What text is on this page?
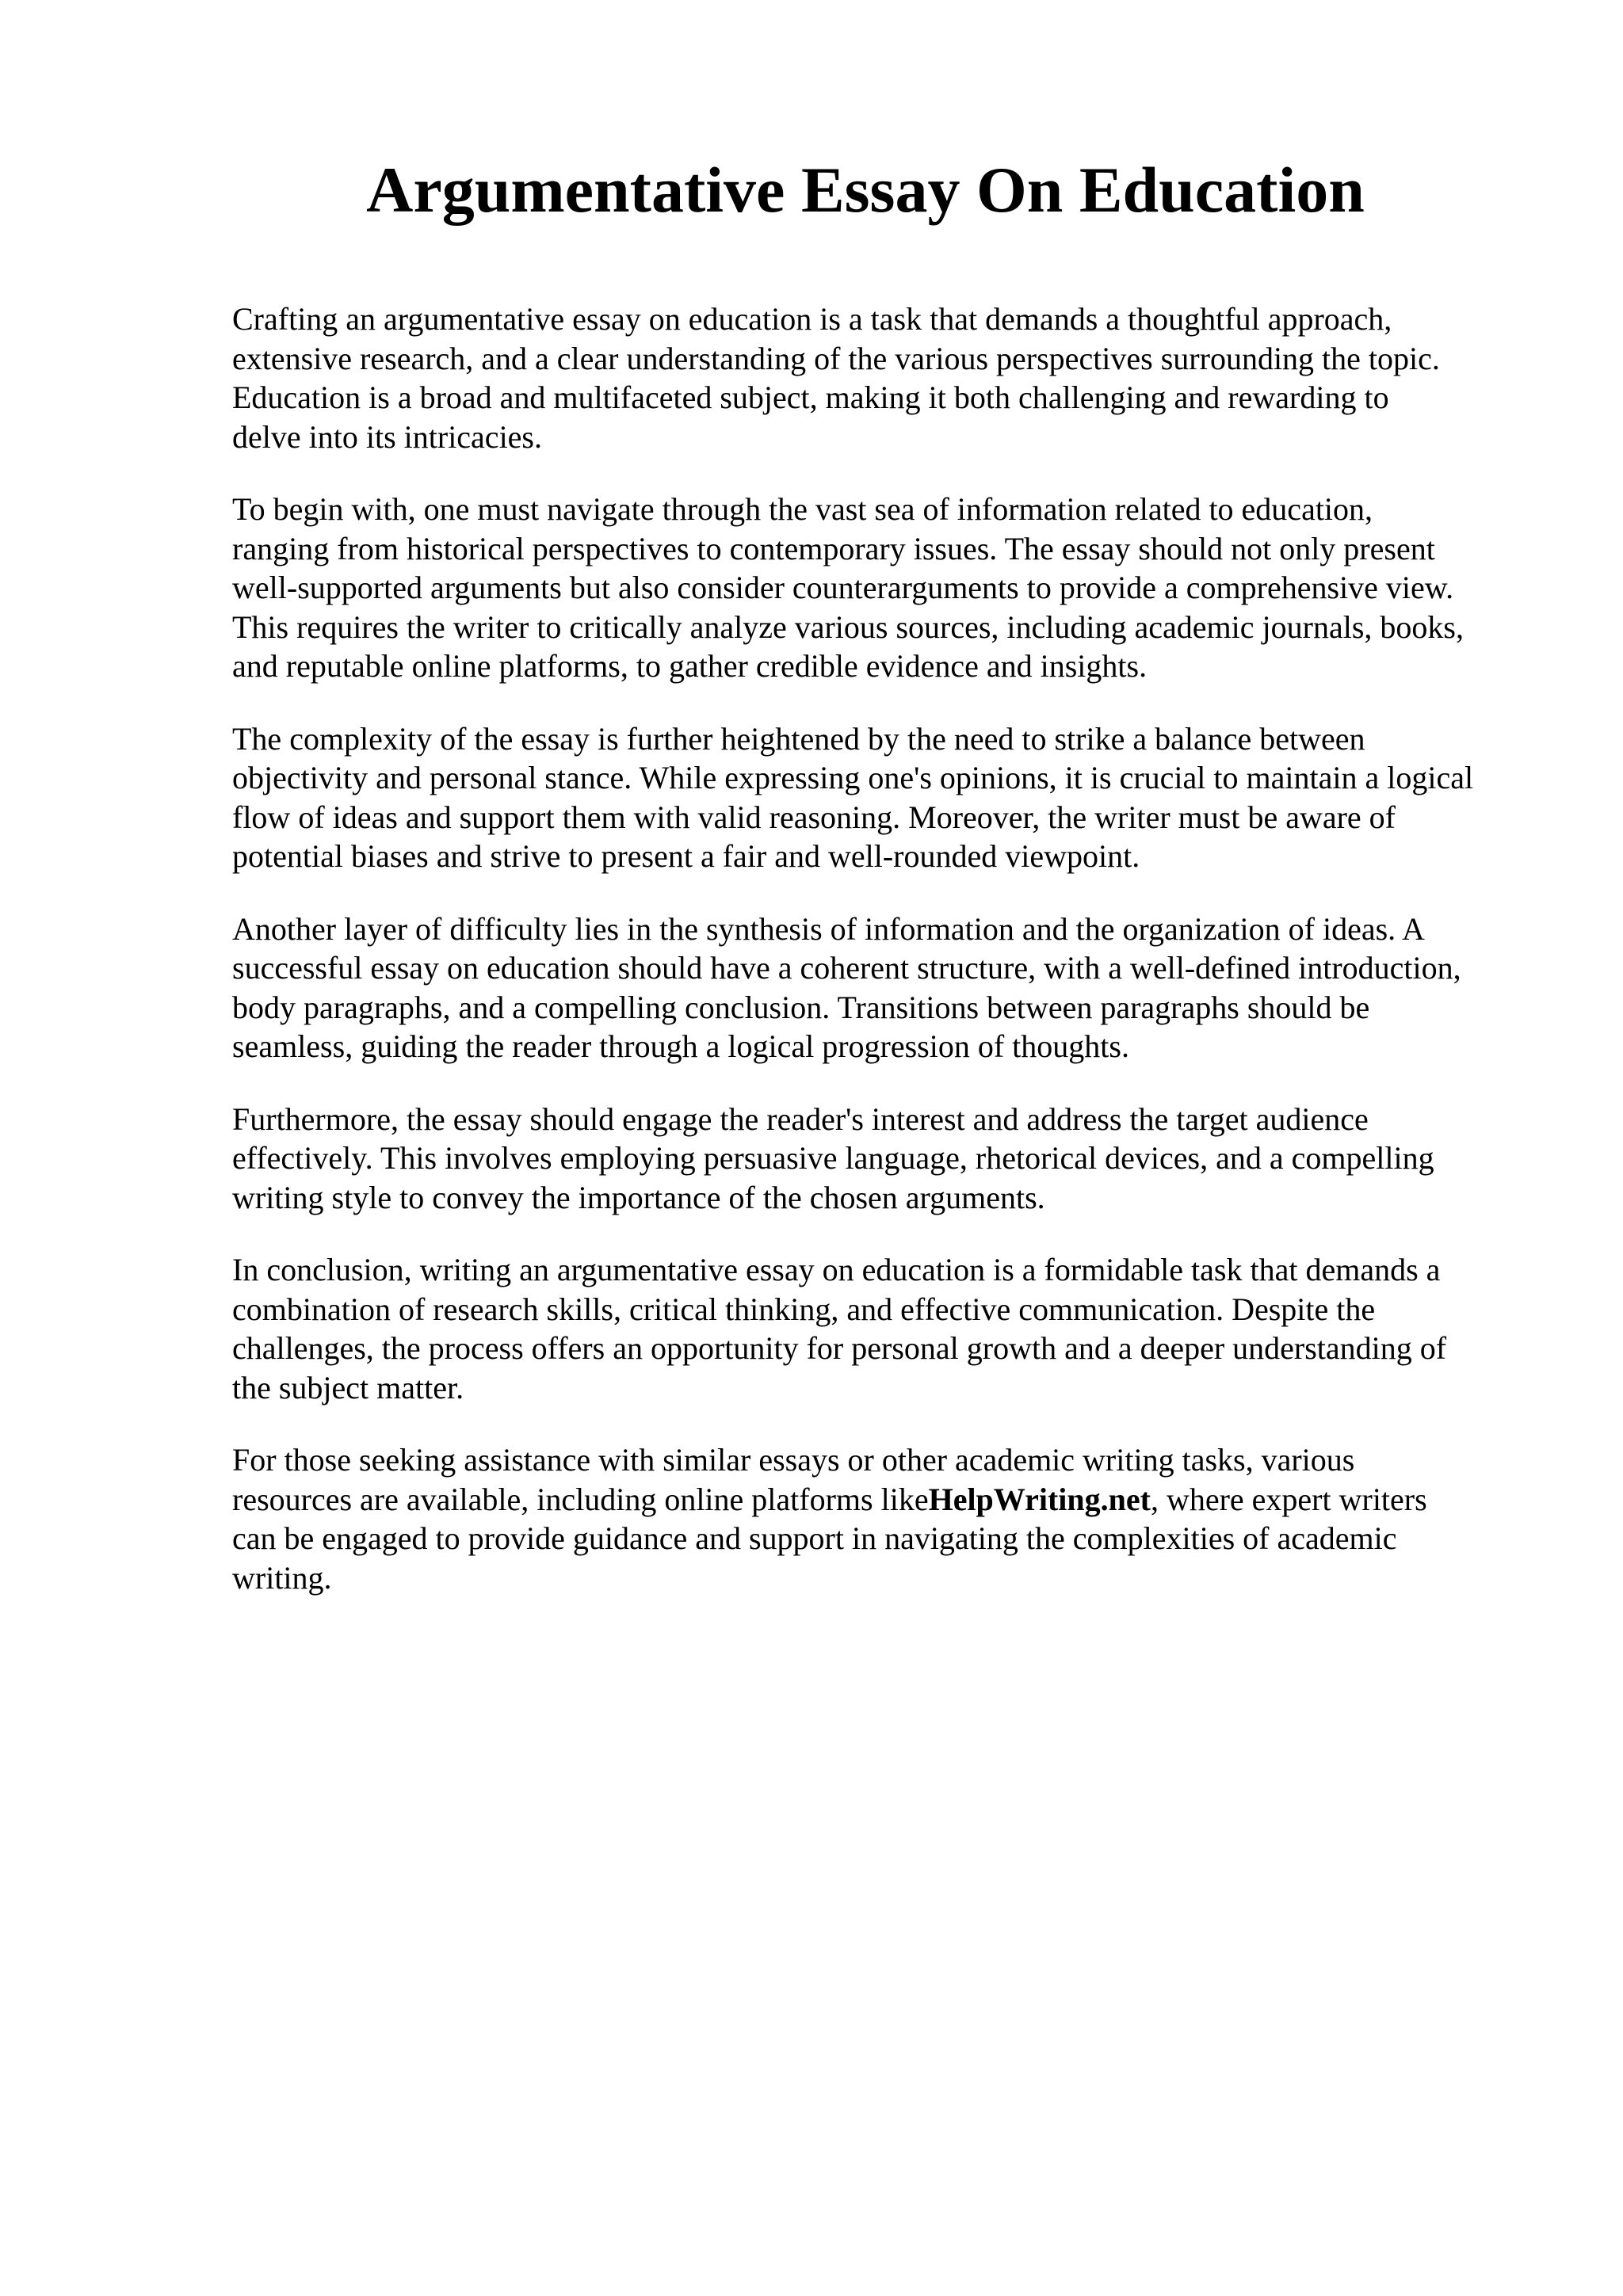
Argumentative Essay On Education

Crafting an argumentative essay on education is a task that demands a thoughtful approach,
extensive research, and a clear understanding of the various perspectives surrounding the topic.
Education is a broad and multifaceted subject, making it both challenging and rewarding to
delve into its intricacies.

To begin with, one must navigate through the vast sea of information related to education,
ranging from historical perspectives to contemporary issues. The essay should not only present
well-supported arguments but also consider counterarguments to provide a comprehensive view.
This requires the writer to critically analyze various sources, including academic journals, books,
and reputable online platforms, to gather credible evidence and insights.

The complexity of the essay is further heightened by the need to strike a balance between
objectivity and personal stance. While expressing one's opinions, it is crucial to maintain a logical
flow of ideas and support them with valid reasoning. Moreover, the writer must be aware of
potential biases and strive to present a fair and well-rounded viewpoint.

Another layer of difficulty lies in the synthesis of information and the organization of ideas. A
successful essay on education should have a coherent structure, with a well-defined introduction,
body paragraphs, and a compelling conclusion. Transitions between paragraphs should be
seamless, guiding the reader through a logical progression of thoughts.

Furthermore, the essay should engage the reader's interest and address the target audience
effectively. This involves employing persuasive language, rhetorical devices, and a compelling
writing style to convey the importance of the chosen arguments.

In conclusion, writing an argumentative essay on education is a formidable task that demands a
combination of research skills, critical thinking, and effective communication. Despite the
challenges, the process offers an opportunity for personal growth and a deeper understanding of
the subject matter.

For those seeking assistance with similar essays or other academic writing tasks, various
resources are available, including online platforms likeHelpWriting.net, where expert writers
can be engaged to provide guidance and support in navigating the complexities of academic
writing.
